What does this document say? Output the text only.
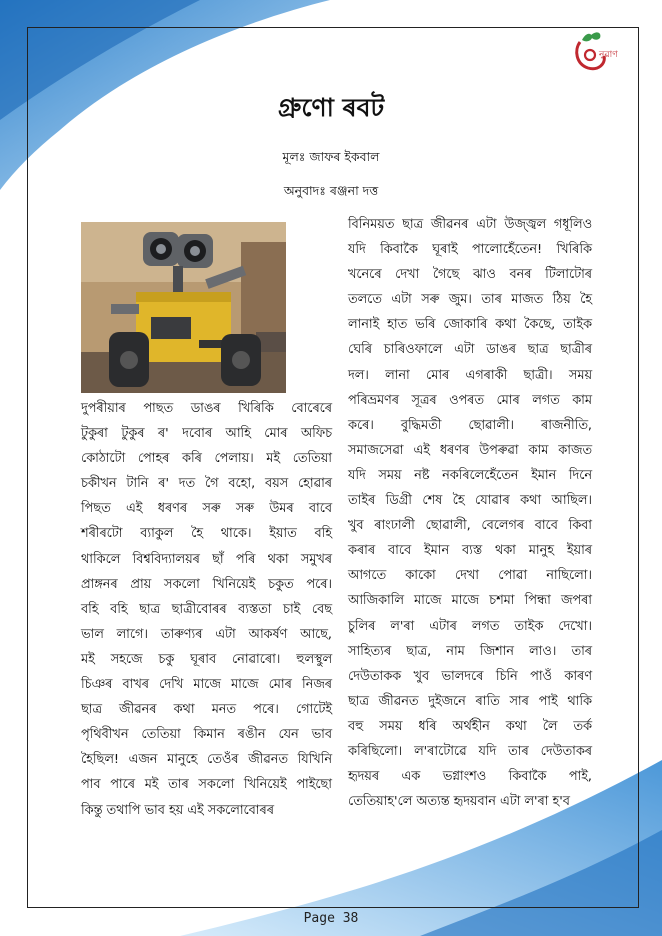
নুৱাণ
গ্ৰুণো ৰবট
মূলঃ জাফৰ ইকবাল
অনুবাদঃ ৰঞ্জনা দত্ত
দুপৰীয়াৰ পাছত ডাঙৰ খিৰিকি বোৰেৰে
টুকুৰা টুকুৰ ৰ' দবোৰ আহি মোৰ অফিচ
কোঠাটো পোহৰ কৰি পেলায়। মই তেতিয়া
চকীখন টানি ৰ' দত গৈ বহো, বয়স হোৱাৰ
পিছত এই ধৰণৰ সৰু সৰু উমৰ বাবে
শৰীৰটো ব্যাকুল হৈ থাকে। ইয়াত বহি
থাকিলে বিশ্ববিদ্যালয়ৰ ছাঁ পৰি থকা সমুখৰ
প্ৰাঙ্গনৰ প্ৰায় সকলো খিনিয়েই চকুত পৰে।
বহি বহি ছাত্ৰ ছাত্ৰীবোৰৰ ব্যস্ততা চাই বেছ
ভাল লাগে। তাৰুণ্যৰ এটা আকৰ্ষণ আছে,
মই সহজে চকু ঘূৰাব নোৱাৰো। হুলস্থুল
চিঞৰ বাখৰ দেখি মাজে মাজে মোৰ নিজৰ
ছাত্ৰ জীৱনৰ কথা মনত পৰে। গোটেই
পৃথিবীখন তেতিয়া কিমান ৰঙীন যেন ভাব
হৈছিল! এজন মানুহে তেওঁৰ জীৱনত যিখিনি
পাব পাৰে মই তাৰ সকলো খিনিয়েই পাইছো
কিন্তু তথাপি ভাব হয় এই সকলোবোৰৰ
বিনিময়ত ছাত্ৰ জীৱনৰ এটা উজ্জ্বল গধূলিও
যদি কিবাকৈ ঘূৰাই পালোহেঁতেন! খিৰিকি
খনেৰে দেখা গৈছে ঝাও বনৰ টিলাটোৰ
তলতে এটা সৰু জুম। তাৰ মাজত ঠিয় হৈ
লানাই হাত ভৰি জোকাৰি কথা কৈছে, তাইক
ঘেৰি চাৰিওফালে এটা ডাঙৰ ছাত্ৰ ছাত্ৰীৰ
দল। লানা মোৰ এগৰাকী ছাত্ৰী। সময়
পৰিভ্ৰমণৰ সূত্ৰৰ ওপৰত মোৰ লগত কাম
কৰে। বুদ্ধিমতী ছোৱালী। ৰাজনীতি,
সমাজসেৱা এই ধৰণৰ উপৰুৱা কাম কাজত
যদি সময় নষ্ট নকৰিলেহেঁতেন ইমান দিনে
তাইৰ ডিগ্ৰী শেষ হৈ যোৱাৰ কথা আছিল।
খুব ৰাংঢালী ছোৱালী, বেলেগৰ বাবে কিবা
কৰাৰ বাবে ইমান ব্যস্ত থকা মানুহ ইয়াৰ
আগতে কাকো দেখা পোৱা নাছিলো।
আজিকালি মাজে মাজে চশমা পিন্ধা জপৰা
চুলিৰ ল'ৰা এটাৰ লগত তাইক দেখো।
সাহিত্যৰ ছাত্ৰ, নাম জিশান লাও। তাৰ
দেউতাকক খুব ভালদৰে চিনি পাওঁ কাৰণ
ছাত্ৰ জীৱনত দুইজনে ৰাতি সাৰ পাই থাকি
বহু সময় ধৰি অৰ্থহীন কথা লৈ তৰ্ক
কৰিছিলো। ল'ৰাটোৱে যদি তাৰ দেউতাকৰ
হৃদয়ৰ এক ভগ্নাংশও কিবাকৈ পাই,
তেতিয়াহ'লে অত্যন্ত হৃদয়বান এটা ল'ৰা হ'ব
Page 38
